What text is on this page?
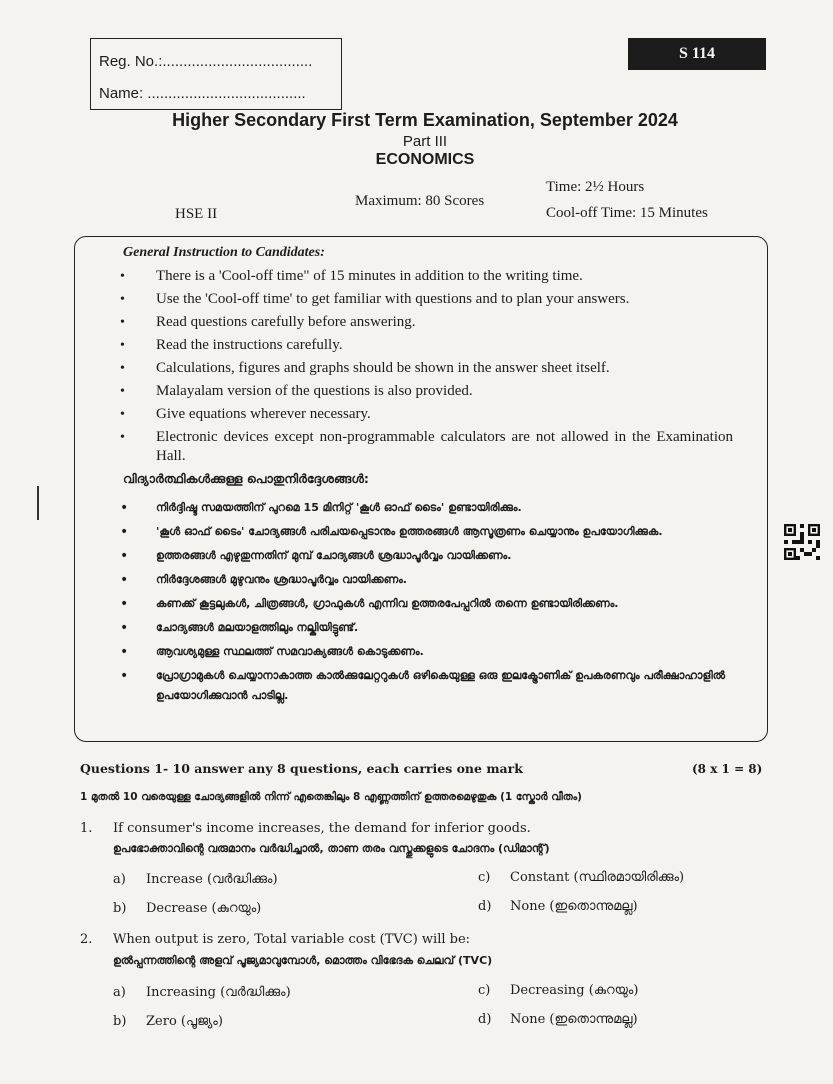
Reg. No.:....................................
Name: ......................................
S 114
Higher Secondary First Term Examination, September 2024
Part III
ECONOMICS
Time: 2½ Hours
Maximum: 80 Scores
Cool-off Time: 15 Minutes
HSE II
General Instruction to Candidates:
• There is a 'Cool-off time" of 15 minutes in addition to the writing time.
• Use the 'Cool-off time' to get familiar with questions and to plan your answers.
• Read questions carefully before answering.
• Read the instructions carefully.
• Calculations, figures and graphs should be shown in the answer sheet itself.
• Malayalam version of the questions is also provided.
• Give equations wherever necessary.
• Electronic devices except non-programmable calculators are not allowed in the Examination Hall.
വിദ്യാർത്ഥികൾക്കുള്ള പൊതുനിർദ്ദേശങ്ങൾ:
• നിർദ്ദിഷ്ട സമയത്തിന് പുറമെ 15 മിനിറ്റ് 'കൂൾ ഓഫ് ടൈം' ഉണ്ടായിരിക്കും.
• 'കൂൾ ഓഫ് ടൈം' ചോദ്യങ്ങൾ പരിചയപ്പെടാനും ഉത്തരങ്ങൾ ആസൂത്രണം ചെയ്യാനും ഉപയോഗിക്കുക.
• ഉത്തരങ്ങൾ എഴുതുന്നതിന് മുമ്പ് ചോദ്യങ്ങൾ ശ്രദ്ധാപൂർവ്വം വായിക്കണം.
• നിർദ്ദേശങ്ങൾ മുഴുവനും ശ്രദ്ധാപൂർവ്വം വായിക്കണം.
• കണക്ക് കൂട്ടലുകൾ, ചിത്രങ്ങൾ, ഗ്രാഫുകൾ എന്നിവ ഉത്തരപേപ്പറിൽ തന്നെ ഉണ്ടായിരിക്കണം.
• ചോദ്യങ്ങൾ മലയാളത്തിലും നല്കിയിട്ടുണ്ട്.
• ആവശ്യമുള്ള സ്ഥലത്ത് സമവാക്യങ്ങൾ കൊടുക്കണം.
• പ്രോഗ്രാമുകൾ ചെയ്യാനാകാത്ത കാൽക്കുലേറ്ററുകൾ ഒഴികെയുള്ള ഒരു ഇലക്ട്രോണിക് ഉപകരണവും പരീക്ഷാഹാളിൽ ഉപയോഗിക്കുവാൻ പാടില്ല.
Questions 1- 10 answer any 8 questions, each carries one mark	(8 x 1 = 8)
1 മുതൽ 10 വരെയുള്ള ചോദ്യങ്ങളിൽ നിന്ന് എതെങ്കിലും 8 എണ്ണത്തിന് ഉത്തരമെഴുതുക (1 സ്കോർ വീതം)
1. If consumer's income increases, the demand for inferior goods.
ഉപഭോക്താവിന്റെ വരുമാനം വർദ്ധിച്ചാൽ, താണ തരം വസ്തുക്കളുടെ ചോദനം (ഡിമാന്റ്)
a) Increase (വർദ്ധിക്കും)	c) Constant (സ്ഥിരമായിരിക്കും)
b) Decrease (കുറയും)	d) None (ഇതൊന്നുമല്ല)
2. When output is zero, Total variable cost (TVC) will be:
ഉൽപ്പന്നത്തിന്റെ അളവ് പൂജ്യമാവുമ്പോൾ, മൊത്തം വിഭേദക ചെലവ് (TVC)
a) Increasing (വർദ്ധിക്കും)	c) Decreasing (കുറയും)
b) Zero (പൂജ്യം)	d) None (ഇതൊന്നുമല്ല)
